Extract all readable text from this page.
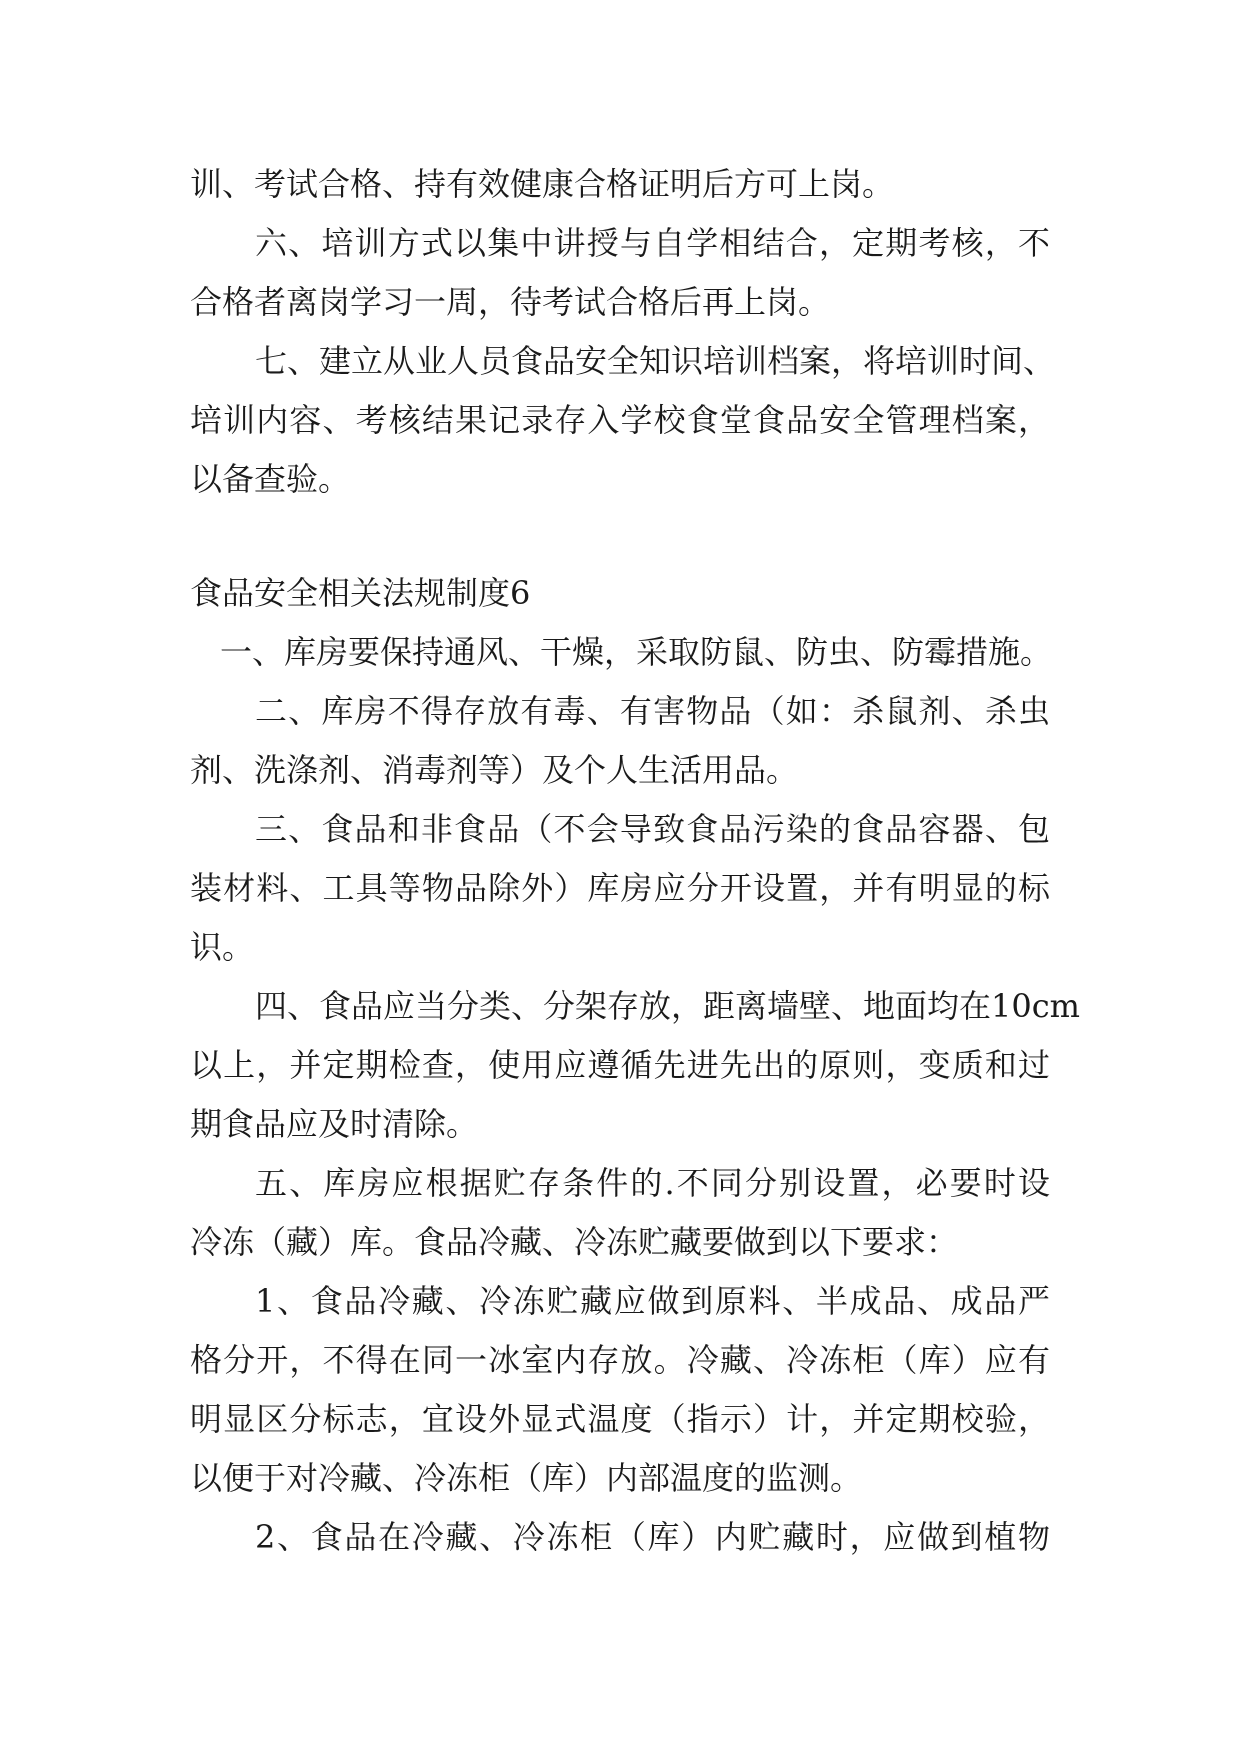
训、考试合格、持有效健康合格证明后方可上岗。

六、培训方式以集中讲授与自学相结合，定期考核，不

合格者离岗学习一周，待考试合格后再上岗。

七、建立从业人员食品安全知识培训档案，将培训时间、

培训内容、考核结果记录存入学校食堂食品安全管理档案，

以备查验。

食品安全相关法规制度6

一、库房要保持通风、干燥，采取防鼠、防虫、防霉措施。

二、库房不得存放有毒、有害物品（如：杀鼠剂、杀虫

剂、洗涤剂、消毒剂等）及个人生活用品。

三、食品和非食品（不会导致食品污染的食品容器、包

装材料、工具等物品除外）库房应分开设置，并有明显的标

识。

四、食品应当分类、分架存放，距离墙壁、地面均在10cm

以上，并定期检查，使用应遵循先进先出的原则，变质和过

期食品应及时清除。

五、库房应根据贮存条件的.不同分别设置，必要时设

冷冻（藏）库。食品冷藏、冷冻贮藏要做到以下要求：

1、食品冷藏、冷冻贮藏应做到原料、半成品、成品严

格分开，不得在同一冰室内存放。冷藏、冷冻柜（库）应有

明显区分标志，宜设外显式温度（指示）计，并定期校验，

以便于对冷藏、冷冻柜（库）内部温度的监测。

2、食品在冷藏、冷冻柜（库）内贮藏时，应做到植物
